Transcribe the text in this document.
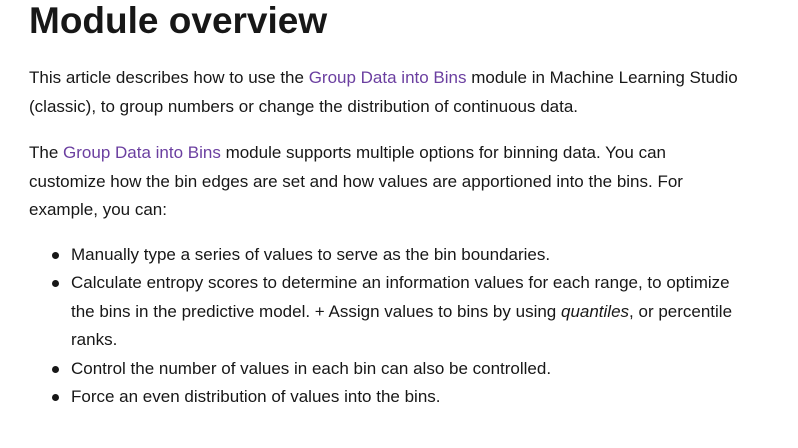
Module overview

This article describes how to use the Group Data into Bins module in Machine Learning Studio (classic), to group numbers or change the distribution of continuous data.

The Group Data into Bins module supports multiple options for binning data. You can customize how the bin edges are set and how values are apportioned into the bins. For example, you can:

Manually type a series of values to serve as the bin boundaries.
Calculate entropy scores to determine an information values for each range, to optimize the bins in the predictive model. + Assign values to bins by using quantiles, or percentile ranks.
Control the number of values in each bin can also be controlled.
Force an even distribution of values into the bins.
